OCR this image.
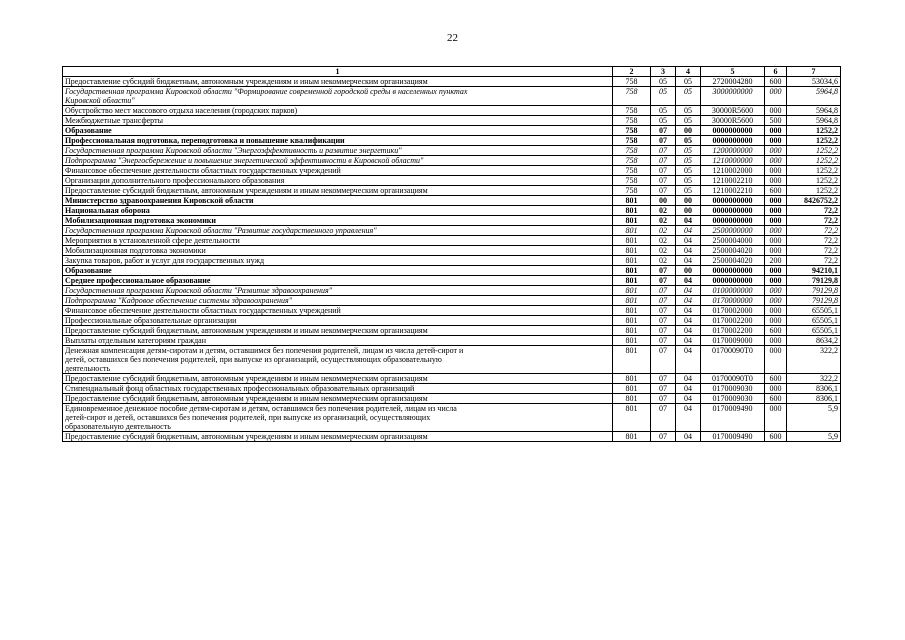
22
1	2	3	4	5	6	7

Предоставление субсидий бюджетным, автономным учреждениям и иным некоммерческим организациям	758	05	05	2720004280	600	53034,6

Государственная программа Кировской области "Формирование современной городской среды в населенных пунктах
Кировской области"	758	05	05	3000000000	000	5964,8

Обустройство мест массового отдыха населения (городских парков)	758	05	05	30000R5600	000	5964,8

Межбюджетные трансферты	758	05	05	30000R5600	500	5964,8

Образование	758	07	00	0000000000	000	1252,2

Профессиональная подготовка, переподготовка и повышение квалификации	758	07	05	0000000000	000	1252,2

Государственная программа Кировской области "Энергоэффективность и развитие энергетики"	758	07	05	1200000000	000	1252,2

Подпрограмма "Энергосбережение и повышение энергетической эффективности в Кировской области"	758	07	05	1210000000	000	1252,2

Финансовое обеспечение деятельности областных государственных учреждений	758	07	05	1210002000	000	1252,2

Организации дополнительного профессионального образования	758	07	05	1210002210	000	1252,2

Предоставление субсидий бюджетным, автономным учреждениям и иным некоммерческим организациям	758	07	05	1210002210	600	1252,2

Министерство здравоохранения Кировской области	801	00	00	0000000000	000	8426752,2

Национальная оборона	801	02	00	0000000000	000	72,2

Мобилизационная подготовка экономики	801	02	04	0000000000	000	72,2

Государственная программа Кировской области "Развитие государственного управления"	801	02	04	2500000000	000	72,2

Мероприятия в установленной сфере деятельности	801	02	04	2500004000	000	72,2

Мобилизационная подготовка экономики	801	02	04	2500004020	000	72,2

Закупка товаров, работ и услуг для государственных нужд	801	02	04	2500004020	200	72,2

Образование	801	07	00	0000000000	000	94210,1

Среднее профессиональное образование	801	07	04	0000000000	000	79129,8

Государственная программа Кировской области "Развитие здравоохранения"	801	07	04	0100000000	000	79129,8

Подпрограмма "Кадровое обеспечение системы здравоохранения"	801	07	04	0170000000	000	79129,8

Финансовое обеспечение деятельности областных государственных учреждений	801	07	04	0170002000	000	65505,1

Профессиональные образовательные организации	801	07	04	0170002200	000	65505,1

Предоставление субсидий бюджетным, автономным учреждениям и иным некоммерческим организациям	801	07	04	0170002200	600	65505,1

Выплаты отдельным категориям граждан	801	07	04	0170009000	000	8634,2

Денежная компенсация детям-сиротам и детям, оставшимся без попечения родителей, лицам из числа детей-сирот и
детей, оставшихся без попечения родителей, при выпуске из организаций, осуществляющих образовательную
деятельность	801	07	04	01700090Т0	000	322,2

Предоставление субсидий бюджетным, автономным учреждениям и иным некоммерческим организациям	801	07	04	01700090Т0	600	322,2

Стипендиальный фонд областных государственных профессиональных образовательных организаций	801	07	04	01700090З0	000	8306,1

Предоставление субсидий бюджетным, автономным учреждениям и иным некоммерческим организациям	801	07	04	01700090З0	600	8306,1

Единовременное денежное пособие детям-сиротам и детям, оставшимся без попечения родителей, лицам из числа
детей-сирот и детей, оставшихся без попечения родителей, при выпуске из организаций, осуществляющих
образовательную деятельность	801	07	04	0170009490	000	5,9

Предоставление субсидий бюджетным, автономным учреждениям и иным некоммерческим организациям	801	07	04	0170009490	600	5,9
